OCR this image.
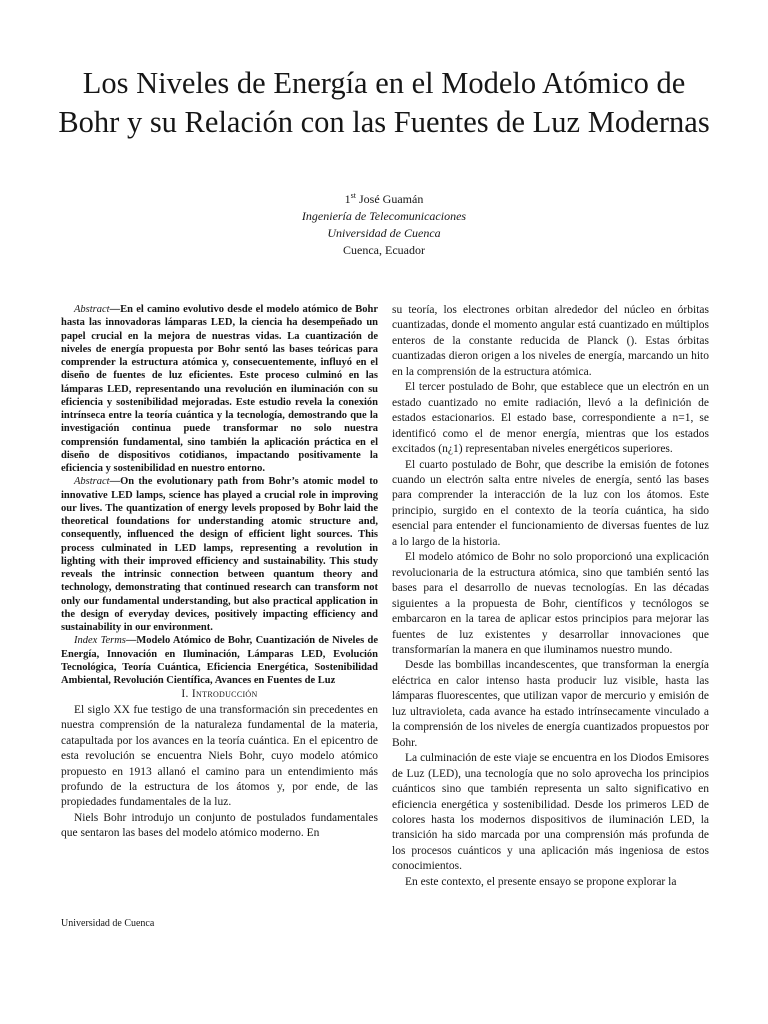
Los Niveles de Energía en el Modelo Atómico de Bohr y su Relación con las Fuentes de Luz Modernas
1st José Guamán
Ingeniería de Telecomunicaciones
Universidad de Cuenca
Cuenca, Ecuador

Abstract—En el camino evolutivo desde el modelo atómico de Bohr hasta las innovadoras lámparas LED, la ciencia ha desempeñado un papel crucial en la mejora de nuestras vidas. La cuantización de niveles de energía propuesta por Bohr sentó las bases teóricas para comprender la estructura atómica y, consecuentemente, influyó en el diseño de fuentes de luz eficientes. Este proceso culminó en las lámparas LED, representando una revolución en iluminación con su eficiencia y sostenibilidad mejoradas. Este estudio revela la conexión intrínseca entre la teoría cuántica y la tecnología, demostrando que la investigación continua puede transformar no solo nuestra comprensión fundamental, sino también la aplicación práctica en el diseño de dispositivos cotidianos, impactando positivamente la eficiencia y sostenibilidad en nuestro entorno.

Abstract—On the evolutionary path from Bohr’s atomic model to innovative LED lamps, science has played a crucial role in improving our lives. The quantization of energy levels proposed by Bohr laid the theoretical foundations for understanding atomic structure and, consequently, influenced the design of efficient light sources. This process culminated in LED lamps, representing a revolution in lighting with their improved efficiency and sustainability. This study reveals the intrinsic connection between quantum theory and technology, demonstrating that continued research can transform not only our fundamental understanding, but also practical application in the design of everyday devices, positively impacting efficiency and sustainability in our environment.

Index Terms—Modelo Atómico de Bohr, Cuantización de Niveles de Energía, Innovación en Iluminación, Lámparas LED, Evolución Tecnológica, Teoría Cuántica, Eficiencia Energética, Sostenibilidad Ambiental, Revolución Científica, Avances en Fuentes de Luz

I. Introducción

El siglo XX fue testigo de una transformación sin precedentes en nuestra comprensión de la naturaleza fundamental de la materia, catapultada por los avances en la teoría cuántica. En el epicentro de esta revolución se encuentra Niels Bohr, cuyo modelo atómico propuesto en 1913 allanó el camino para un entendimiento más profundo de la estructura de los átomos y, por ende, de las propiedades fundamentales de la luz.

Niels Bohr introdujo un conjunto de postulados fundamentales que sentaron las bases del modelo atómico moderno. En

su teoría, los electrones orbitan alrededor del núcleo en órbitas cuantizadas, donde el momento angular está cuantizado en múltiplos enteros de la constante reducida de Planck (). Estas órbitas cuantizadas dieron origen a los niveles de energía, marcando un hito en la comprensión de la estructura atómica.

El tercer postulado de Bohr, que establece que un electrón en un estado cuantizado no emite radiación, llevó a la definición de estados estacionarios. El estado base, correspondiente a n=1, se identificó como el de menor energía, mientras que los estados excitados (n¿1) representaban niveles energéticos superiores.

El cuarto postulado de Bohr, que describe la emisión de fotones cuando un electrón salta entre niveles de energía, sentó las bases para comprender la interacción de la luz con los átomos. Este principio, surgido en el contexto de la teoría cuántica, ha sido esencial para entender el funcionamiento de diversas fuentes de luz a lo largo de la historia.

El modelo atómico de Bohr no solo proporcionó una explicación revolucionaria de la estructura atómica, sino que también sentó las bases para el desarrollo de nuevas tecnologías. En las décadas siguientes a la propuesta de Bohr, científicos y tecnólogos se embarcaron en la tarea de aplicar estos principios para mejorar las fuentes de luz existentes y desarrollar innovaciones que transformarían la manera en que iluminamos nuestro mundo.

Desde las bombillas incandescentes, que transforman la energía eléctrica en calor intenso hasta producir luz visible, hasta las lámparas fluorescentes, que utilizan vapor de mercurio y emisión de luz ultravioleta, cada avance ha estado intrínsecamente vinculado a la comprensión de los niveles de energía cuantizados propuestos por Bohr.

La culminación de este viaje se encuentra en los Diodos Emisores de Luz (LED), una tecnología que no solo aprovecha los principios cuánticos sino que también representa un salto significativo en eficiencia energética y sostenibilidad. Desde los primeros LED de colores hasta los modernos dispositivos de iluminación LED, la transición ha sido marcada por una comprensión más profunda de los procesos cuánticos y una aplicación más ingeniosa de estos conocimientos.

En este contexto, el presente ensayo se propone explorar la

Universidad de Cuenca
